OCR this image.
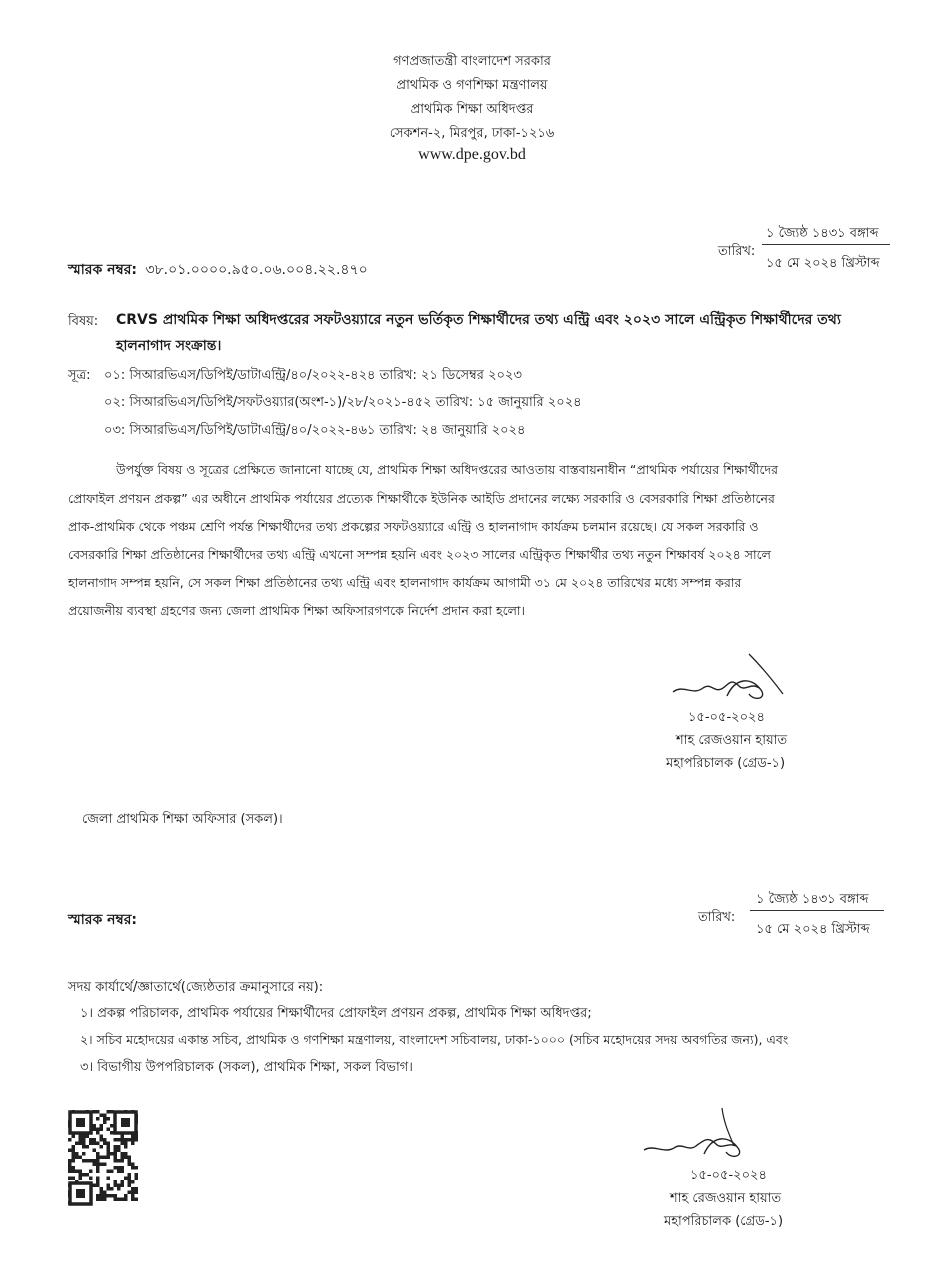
গণপ্রজাতন্ত্রী বাংলাদেশ সরকার
প্রাথমিক ও গণশিক্ষা মন্ত্রণালয়
প্রাথমিক শিক্ষা অধিদপ্তর
সেকশন-২, মিরপুর, ঢাকা-১২১৬
www.dpe.gov.bd
১ জ্যৈষ্ঠ ১৪৩১ বঙ্গাব্দ
তারিখ:
১৫ মে ২০২৪ খ্রিস্টাব্দ
স্মারক নম্বর: ৩৮.০১.০০০০.৯৫০.০৬.০০৪.২২.৪৭০
বিষয়: CRVS প্রাথমিক শিক্ষা অধিদপ্তরের সফটওয়্যারে নতুন ভর্তিকৃত শিক্ষার্থীদের তথ্য এন্ট্রি এবং ২০২৩ সালে এন্ট্রিকৃত শিক্ষার্থীদের তথ্য
হালনাগাদ সংক্রান্ত।
সূত্র: ০১: সিআরভিএস/ডিপিই/ডাটাএন্ট্রি/৪০/২০২২-৪২৪ তারিখ: ২১ ডিসেম্বর ২০২৩
০২: সিআরভিএস/ডিপিই/সফটওয়্যার(অংশ-১)/২৮/২০২১-৪৫২ তারিখ: ১৫ জানুয়ারি ২০২৪
০৩: সিআরভিএস/ডিপিই/ডাটাএন্ট্রি/৪০/২০২২-৪৬১ তারিখ: ২৪ জানুয়ারি ২০২৪
উপর্যুক্ত বিষয় ও সূত্রের প্রেক্ষিতে জানানো যাচ্ছে যে, প্রাথমিক শিক্ষা অধিদপ্তরের আওতায় বাস্তবায়নাধীন “প্রাথমিক পর্যায়ের শিক্ষার্থীদের
প্রোফাইল প্রণয়ন প্রকল্প” এর অধীনে প্রাথমিক পর্যায়ের প্রত্যেক শিক্ষার্থীকে ইউনিক আইডি প্রদানের লক্ষ্যে সরকারি ও বেসরকারি শিক্ষা প্রতিষ্ঠানের
প্রাক-প্রাথমিক থেকে পঞ্চম শ্রেণি পর্যন্ত শিক্ষার্থীদের তথ্য প্রকল্পের সফটওয়্যারে এন্ট্রি ও হালনাগাদ কার্যক্রম চলমান রয়েছে। যে সকল সরকারি ও
বেসরকারি শিক্ষা প্রতিষ্ঠানের শিক্ষার্থীদের তথ্য এন্ট্রি এখনো সম্পন্ন হয়নি এবং ২০২৩ সালের এন্ট্রিকৃত শিক্ষার্থীর তথ্য নতুন শিক্ষাবর্ষ ২০২৪ সালে
হালনাগাদ সম্পন্ন হয়নি, সে সকল শিক্ষা প্রতিষ্ঠানের তথ্য এন্ট্রি এবং হালনাগাদ কার্যক্রম আগামী ৩১ মে ২০২৪ তারিখের মধ্যে সম্পন্ন করার
প্রয়োজনীয় ব্যবস্থা গ্রহণের জন্য জেলা প্রাথমিক শিক্ষা অফিসারগণকে নির্দেশ প্রদান করা হলো।
১৫-০৫-২০২৪
শাহ রেজওয়ান হায়াত
মহাপরিচালক (গ্রেড-১)
জেলা প্রাথমিক শিক্ষা অফিসার (সকল)।
১ জ্যৈষ্ঠ ১৪৩১ বঙ্গাব্দ
তারিখ:
১৫ মে ২০২৪ খ্রিস্টাব্দ
স্মারক নম্বর:
সদয় কার্যার্থে/জ্ঞাতার্থে(জ্যেষ্ঠতার ক্রমানুসারে নয়):
১। প্রকল্প পরিচালক, প্রাথমিক পর্যায়ের শিক্ষার্থীদের প্রোফাইল প্রণয়ন প্রকল্প, প্রাথমিক শিক্ষা অধিদপ্তর;
২। সচিব মহোদয়ের একান্ত সচিব, প্রাথমিক ও গণশিক্ষা মন্ত্রণালয়, বাংলাদেশ সচিবালয়, ঢাকা-১০০০ (সচিব মহোদয়ের সদয় অবগতির জন্য), এবং
৩। বিভাগীয় উপপরিচালক (সকল), প্রাথমিক শিক্ষা, সকল বিভাগ।
১৫-০৫-২০২৪
শাহ রেজওয়ান হায়াত
মহাপরিচালক (গ্রেড-১)
